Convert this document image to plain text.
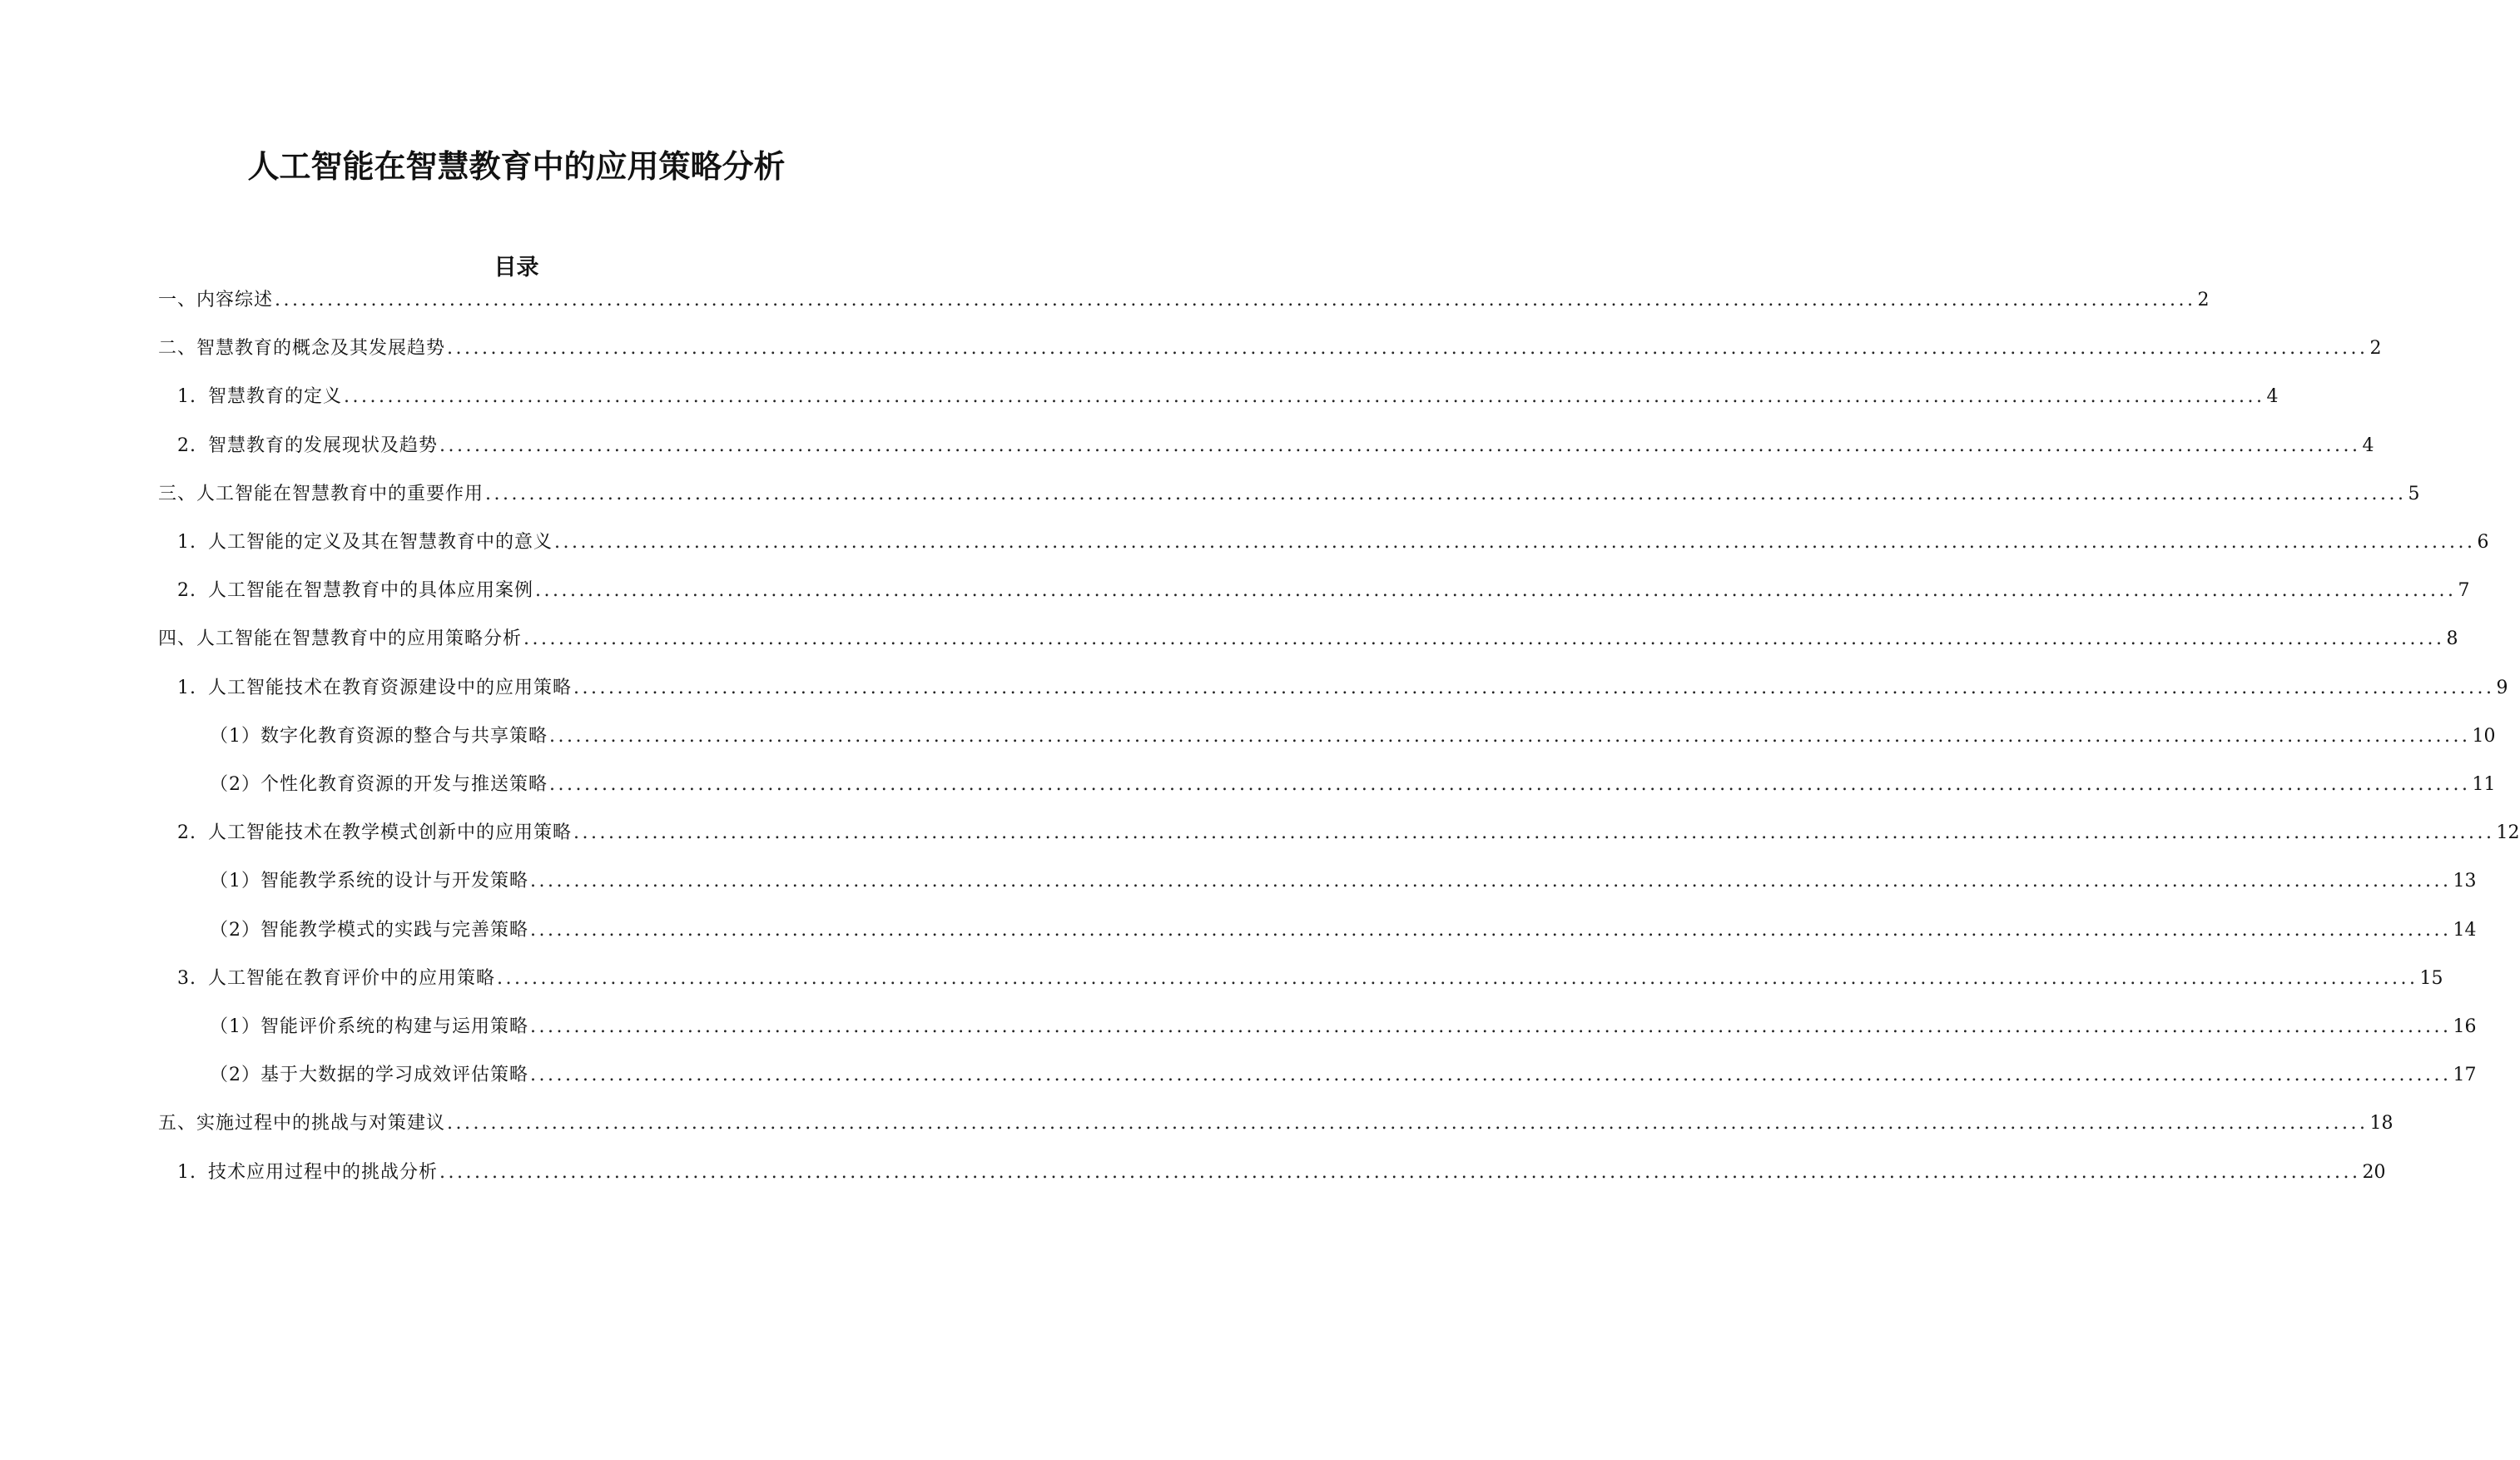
人工智能在智慧教育中的应用策略分析
目录
一、内容综述 ............................................................................................................................................................................................................................ 2
二、智慧教育的概念及其发展趋势 ............................................................................................................................................................................................................................ 2
1. 智慧教育的定义 ............................................................................................................................................................................................................................ 4
2. 智慧教育的发展现状及趋势 ............................................................................................................................................................................................................................ 4
三、人工智能在智慧教育中的重要作用 ............................................................................................................................................................................................................................ 5
1. 人工智能的定义及其在智慧教育中的意义 ............................................................................................................................................................................................................................ 6
2. 人工智能在智慧教育中的具体应用案例 ............................................................................................................................................................................................................................ 7
四、人工智能在智慧教育中的应用策略分析 ............................................................................................................................................................................................................................ 8
1. 人工智能技术在教育资源建设中的应用策略 ............................................................................................................................................................................................................................ 9
（1）数字化教育资源的整合与共享策略 ............................................................................................................................................................................................................................ 10
（2）个性化教育资源的开发与推送策略 ............................................................................................................................................................................................................................ 11
2. 人工智能技术在教学模式创新中的应用策略 ............................................................................................................................................................................................................................ 12
（1）智能教学系统的设计与开发策略 ............................................................................................................................................................................................................................ 13
（2）智能教学模式的实践与完善策略 ............................................................................................................................................................................................................................ 14
3. 人工智能在教育评价中的应用策略 ............................................................................................................................................................................................................................ 15
（1）智能评价系统的构建与运用策略 ............................................................................................................................................................................................................................ 16
（2）基于大数据的学习成效评估策略 ............................................................................................................................................................................................................................ 17
五、实施过程中的挑战与对策建议 ............................................................................................................................................................................................................................ 18
1. 技术应用过程中的挑战分析 ............................................................................................................................................................................................................................ 20
